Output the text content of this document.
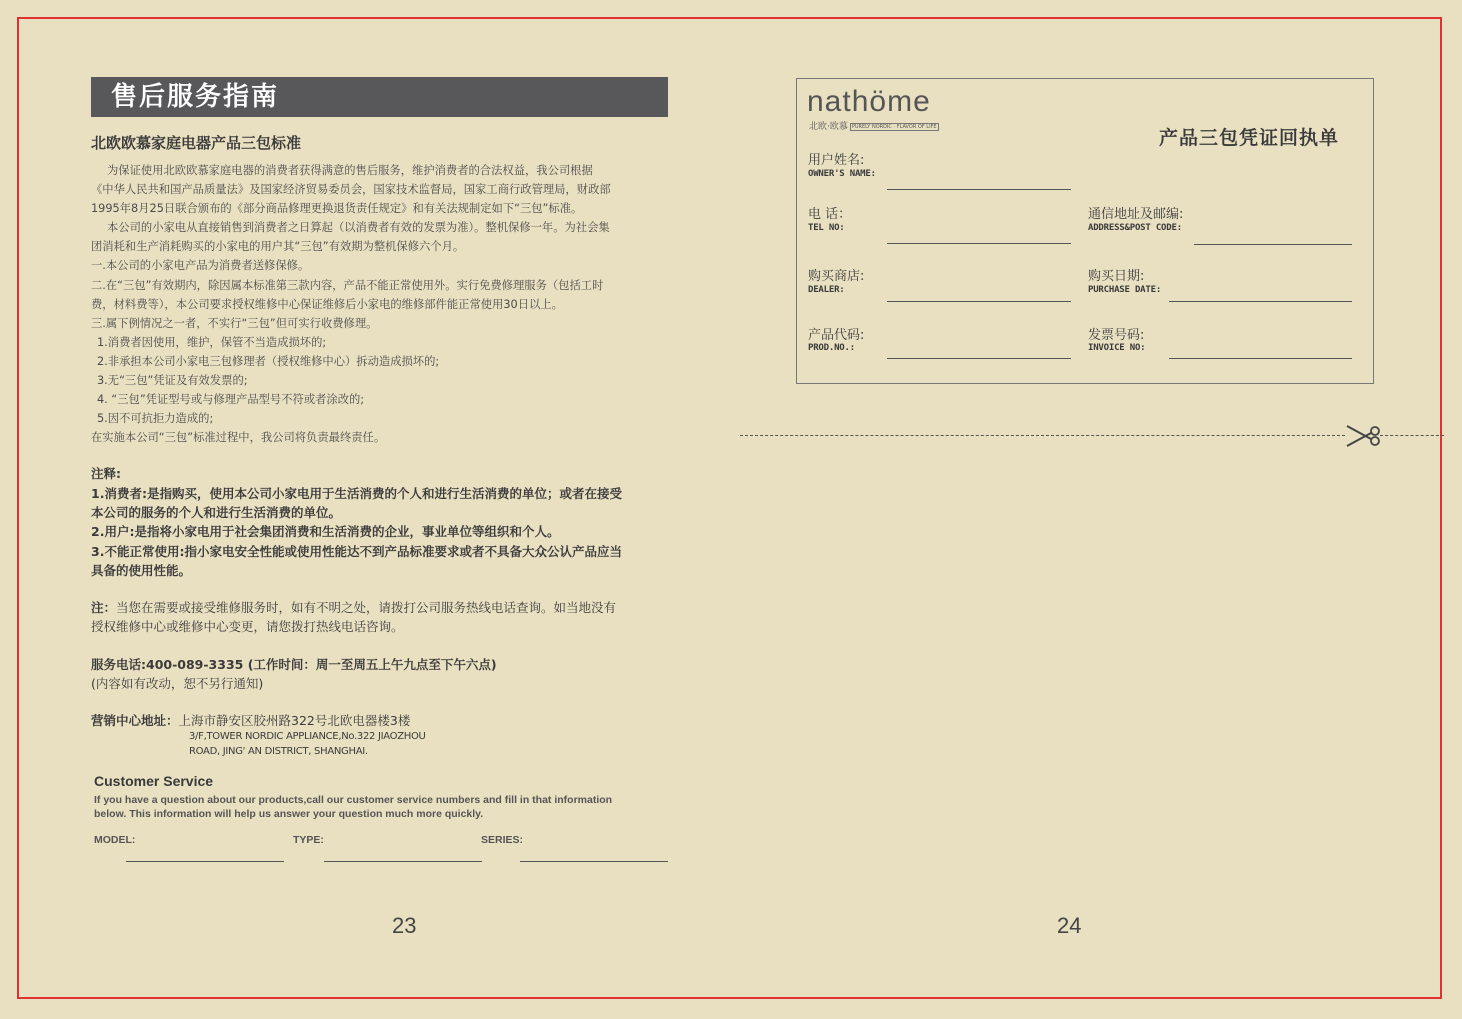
售后服务指南
北欧欧慕家庭电器产品三包标准
为保证使用北欧欧慕家庭电器的消费者获得满意的售后服务，维护消费者的合法权益，我公司根据
《中华人民共和国产品质量法》及国家经济贸易委员会，国家技术监督局，国家工商行政管理局，财政部
1995年8月25日联合颁布的《部分商品修理更换退货责任规定》和有关法规制定如下“三包”标准。
本公司的小家电从直接销售到消费者之日算起（以消费者有效的发票为准）。整机保修一年。为社会集
团消耗和生产消耗购买的小家电的用户其“三包”有效期为整机保修六个月。
一.本公司的小家电产品为消费者送修保修。
二.在“三包”有效期内，除因属本标准第三款内容，产品不能正常使用外。实行免费修理服务（包括工时
费，材料费等），本公司要求授权维修中心保证维修后小家电的维修部件能正常使用30日以上。
三.属下例情况之一者，不实行“三包”但可实行收费修理。
1.消费者因使用，维护，保管不当造成损坏的;
2.非承担本公司小家电三包修理者（授权维修中心）拆动造成损坏的;
3.无“三包”凭证及有效发票的;
4. “三包”凭证型号或与修理产品型号不符或者涂改的;
5.因不可抗拒力造成的;
在实施本公司“三包”标准过程中，我公司将负责最终责任。
注释:
1.消费者:是指购买，使用本公司小家电用于生活消费的个人和进行生活消费的单位；或者在接受
本公司的服务的个人和进行生活消费的单位。
2.用户:是指将小家电用于社会集团消费和生活消费的企业，事业单位等组织和个人。
3.不能正常使用:指小家电安全性能或使用性能达不到产品标准要求或者不具备大众公认产品应当
具备的使用性能。
注：当您在需要或接受维修服务时，如有不明之处，请拨打公司服务热线电话查询。如当地没有
授权维修中心或维修中心变更，请您拨打热线电话咨询。
服务电话:400-089-3335 (工作时间：周一至周五上午九点至下午六点)
(内容如有改动，恕不另行通知)
营销中心地址：上海市静安区胶州路322号北欧电器楼3楼
3/F,TOWER NORDIC APPLIANCE,No.322 JIAOZHOU
ROAD, JING' AN DISTRICT, SHANGHAI.
Customer Service
If you have a question about our products,call our customer service numbers and fill in that information
below. This information will help us answer your question much more quickly.
MODEL:	TYPE:	SERIES:
23
nathöme
北欧·欧慕 PURELY NORDIC · FLAVOR OF LIFE
产品三包凭证回执单
用户姓名:
OWNER'S NAME:
电 话：
TEL NO:
通信地址及邮编:
ADDRESS&POST CODE:
购买商店:
DEALER:
购买日期:
PURCHASE DATE:
产品代码:
PROD.NO.:
发票号码:
INVOICE NO:
24
